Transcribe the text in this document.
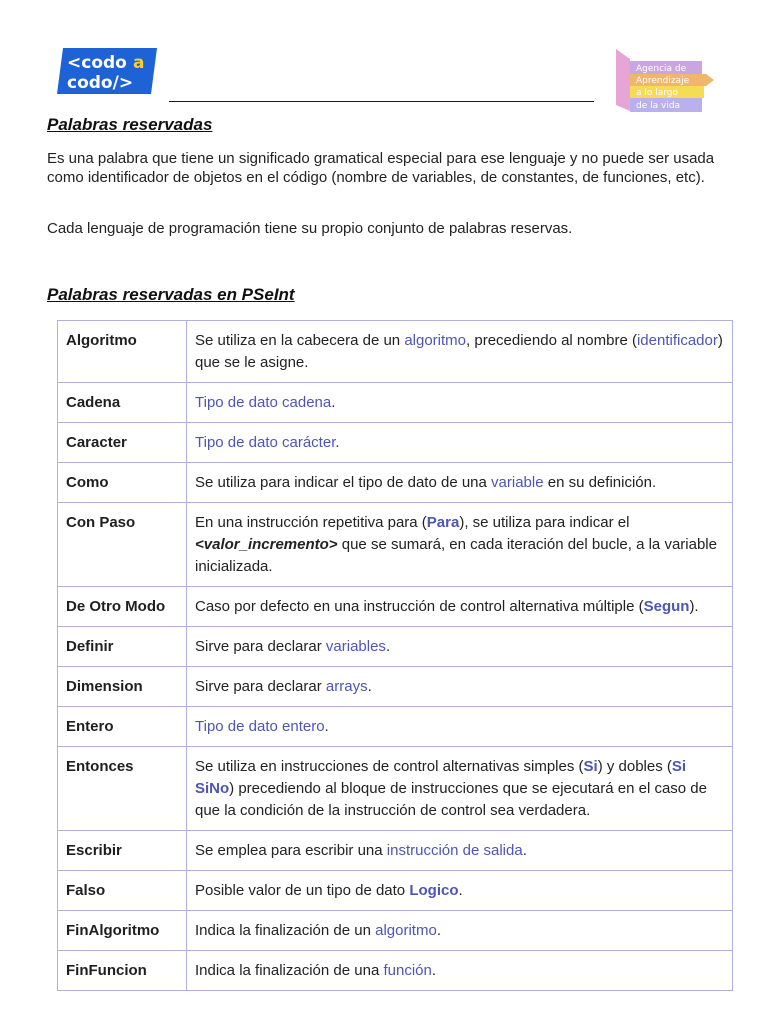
<codo a
codo/>
Agencia de
Aprendizaje
a lo largo
de la vida
Palabras reservadas

Es una palabra que tiene un significado gramatical especial para ese lenguaje y no puede ser usada como identificador de objetos en el código (nombre de variables, de constantes, de funciones, etc).

Cada lenguaje de programación tiene su propio conjunto de palabras reservas.

Palabras reservadas en PSeInt
Algoritmo	Se utiliza en la cabecera de un algoritmo, precediendo al nombre (identificador) que se le asigne.
Cadena	Tipo de dato cadena.
Caracter	Tipo de dato carácter.
Como	Se utiliza para indicar el tipo de dato de una variable en su definición.
Con Paso	En una instrucción repetitiva para (Para), se utiliza para indicar el <valor_incremento> que se sumará, en cada iteración del bucle, a la variable inicializada.
De Otro Modo	Caso por defecto en una instrucción de control alternativa múltiple (Segun).
Definir	Sirve para declarar variables.
Dimension	Sirve para declarar arrays.
Entero	Tipo de dato entero.
Entonces	Se utiliza en instrucciones de control alternativas simples (Si) y dobles (Si SiNo) precediendo al bloque de instrucciones que se ejecutará en el caso de que la condición de la instrucción de control sea verdadera.
Escribir	Se emplea para escribir una instrucción de salida.
Falso	Posible valor de un tipo de dato Logico.
FinAlgoritmo	Indica la finalización de un algoritmo.
FinFuncion	Indica la finalización de una función.
